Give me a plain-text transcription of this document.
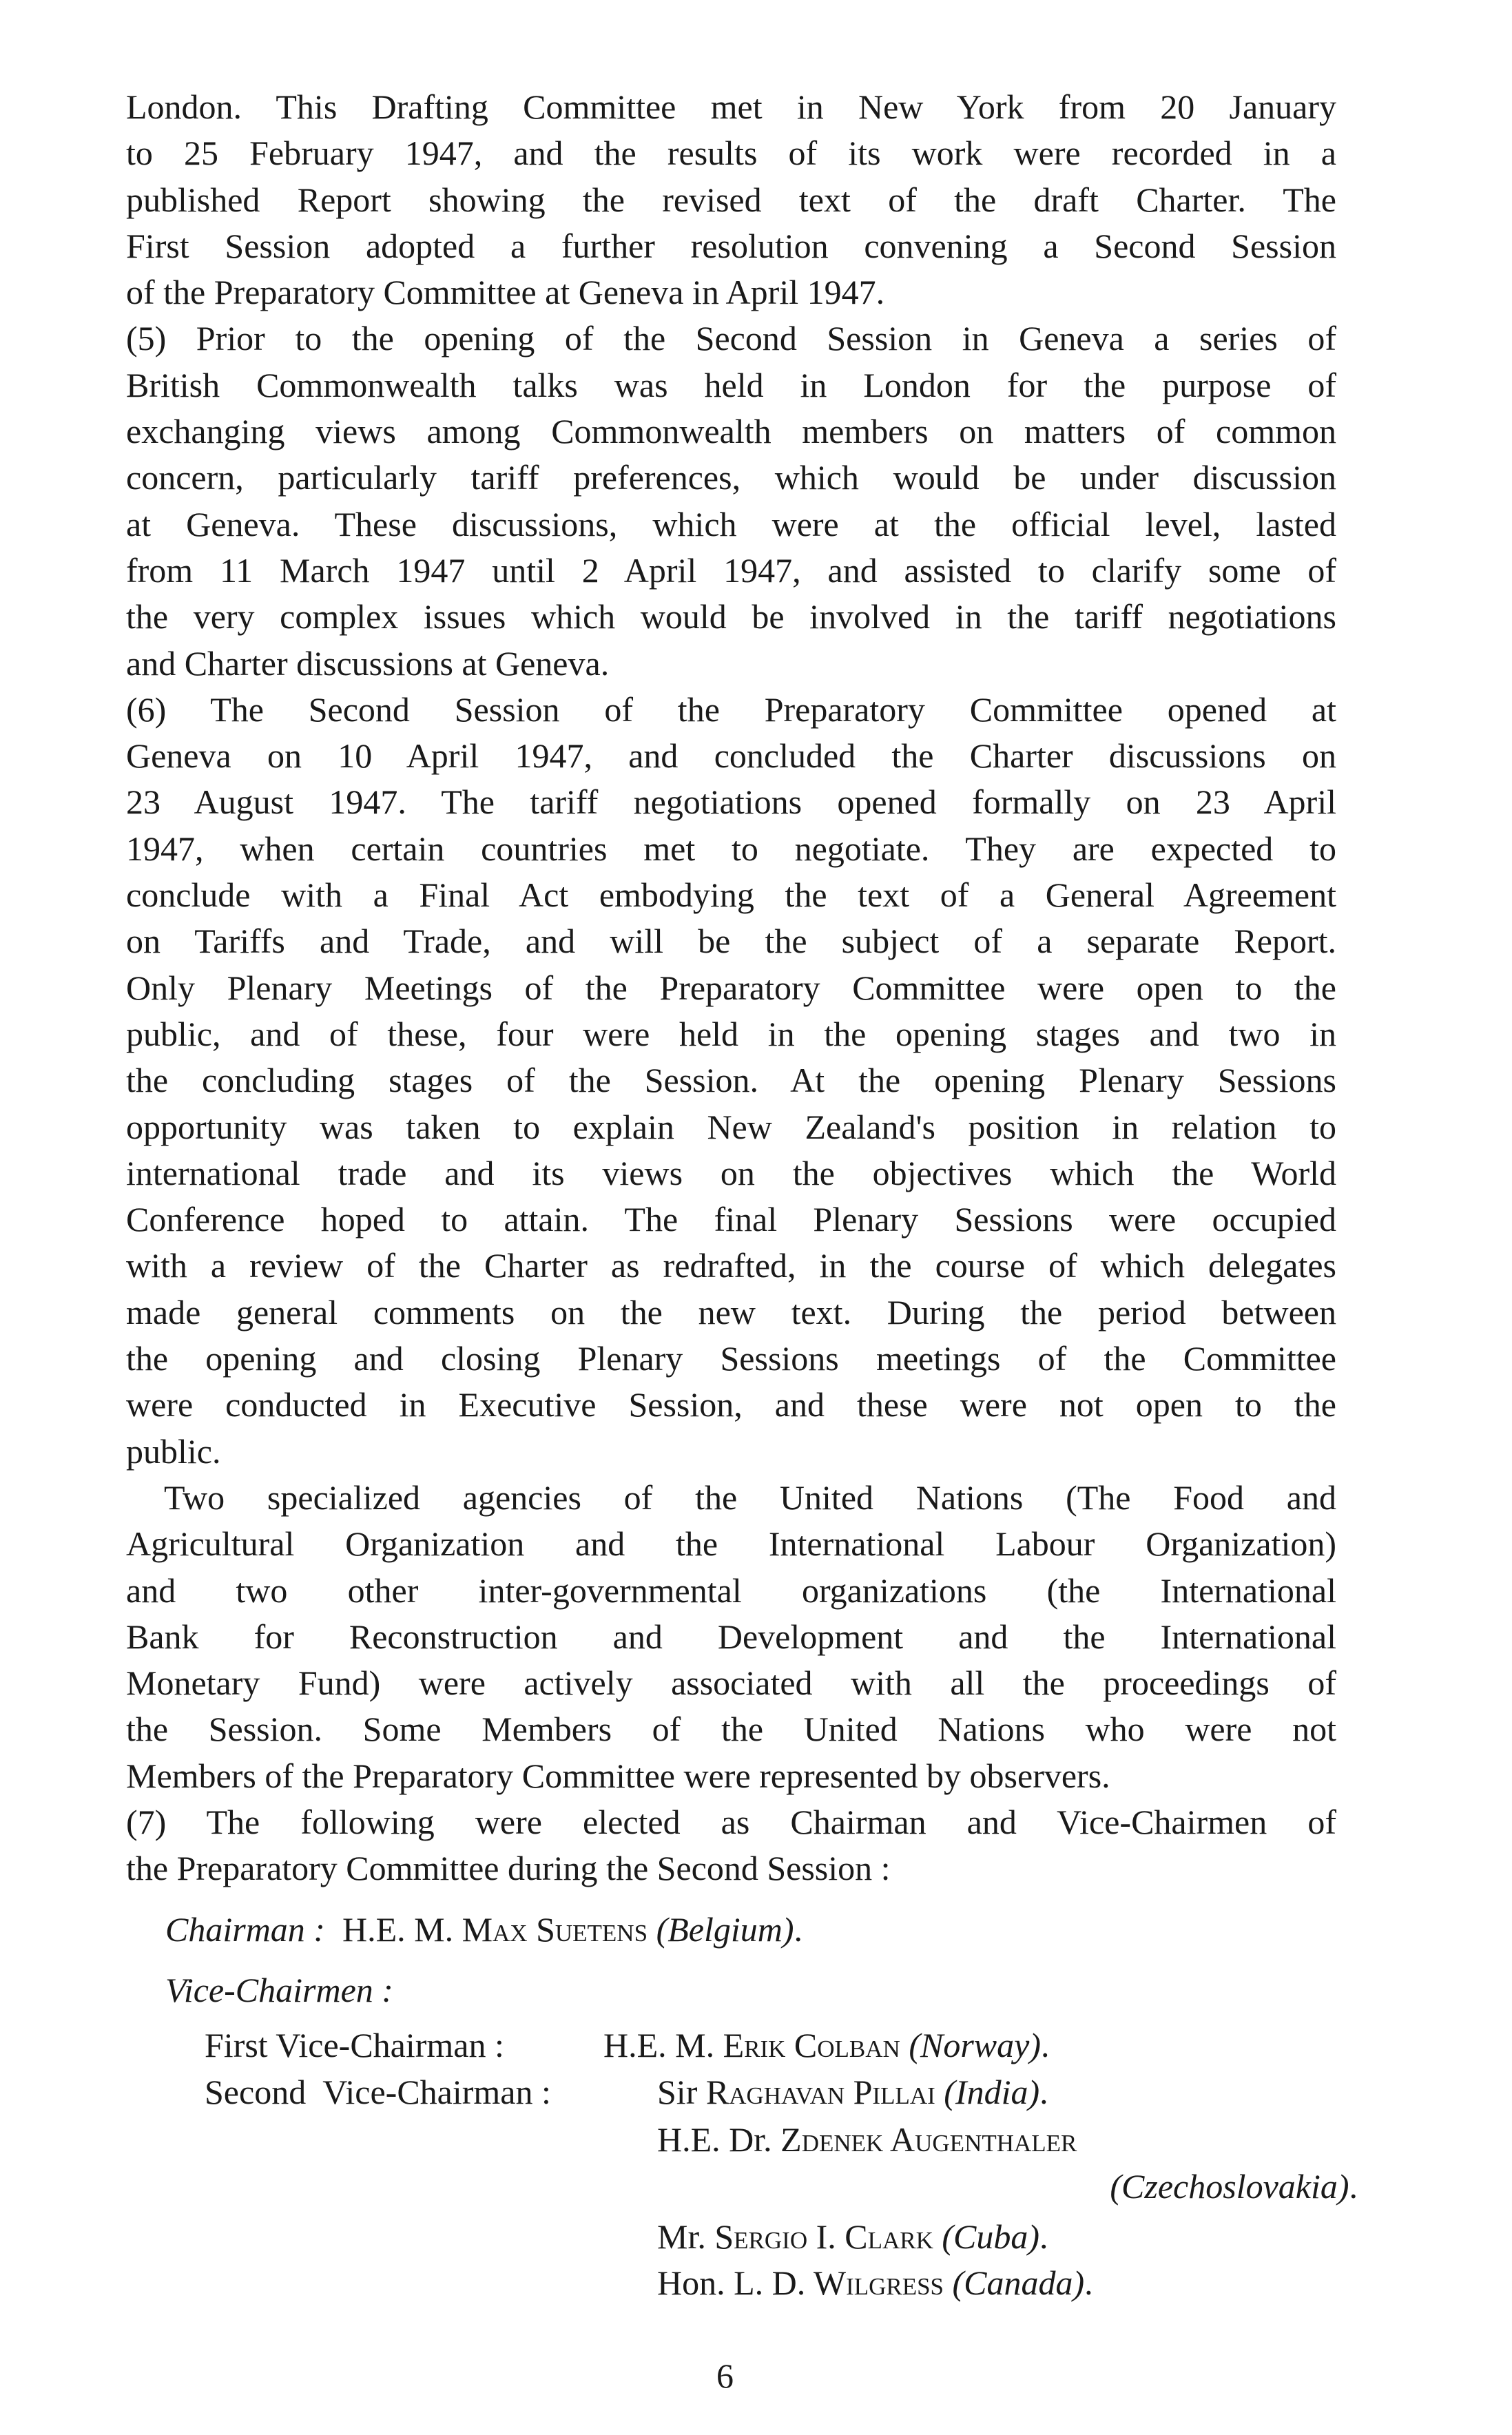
London. This Drafting Committee met in New York from 20 January
to 25 February 1947, and the results of its work were recorded in a
published Report showing the revised text of the draft Charter. The
First Session adopted a further resolution convening a Second Session
of the Preparatory Committee at Geneva in April 1947.
(5) Prior to the opening of the Second Session in Geneva a series of
British Commonwealth talks was held in London for the purpose of
exchanging views among Commonwealth members on matters of common
concern, particularly tariff preferences, which would be under discussion
at Geneva. These discussions, which were at the official level, lasted
from 11 March 1947 until 2 April 1947, and assisted to clarify some of
the very complex issues which would be involved in the tariff negotiations
and Charter discussions at Geneva.
(6) The Second Session of the Preparatory Committee opened at
Geneva on 10 April 1947, and concluded the Charter discussions on
23 August 1947. The tariff negotiations opened formally on 23 April
1947, when certain countries met to negotiate. They are expected to
conclude with a Final Act embodying the text of a General Agreement
on Tariffs and Trade, and will be the subject of a separate Report.
Only Plenary Meetings of the Preparatory Committee were open to the
public, and of these, four were held in the opening stages and two in
the concluding stages of the Session. At the opening Plenary Sessions
opportunity was taken to explain New Zealand's position in relation to
international trade and its views on the objectives which the World
Conference hoped to attain. The final Plenary Sessions were occupied
with a review of the Charter as redrafted, in the course of which delegates
made general comments on the new text. During the period between
the opening and closing Plenary Sessions meetings of the Committee
were conducted in Executive Session, and these were not open to the
public.
Two specialized agencies of the United Nations (The Food and
Agricultural Organization and the International Labour Organization)
and two other inter-governmental organizations (the International
Bank for Reconstruction and Development and the International
Monetary Fund) were actively associated with all the proceedings of
the Session. Some Members of the United Nations who were not
Members of the Preparatory Committee were represented by observers.
(7) The following were elected as Chairman and Vice-Chairmen of
the Preparatory Committee during the Second Session :
Chairman : H.E. M. Max Suetens (Belgium).
Vice-Chairmen :
First Vice-Chairman :	H.E. M. Erik Colban (Norway).
Second  Vice-Chairman :	Sir Raghavan Pillai (India).
H.E. Dr. Zdenek Augenthaler
(Czechoslovakia).
Mr. Sergio I. Clark (Cuba).
Hon. L. D. Wilgress (Canada).
6
